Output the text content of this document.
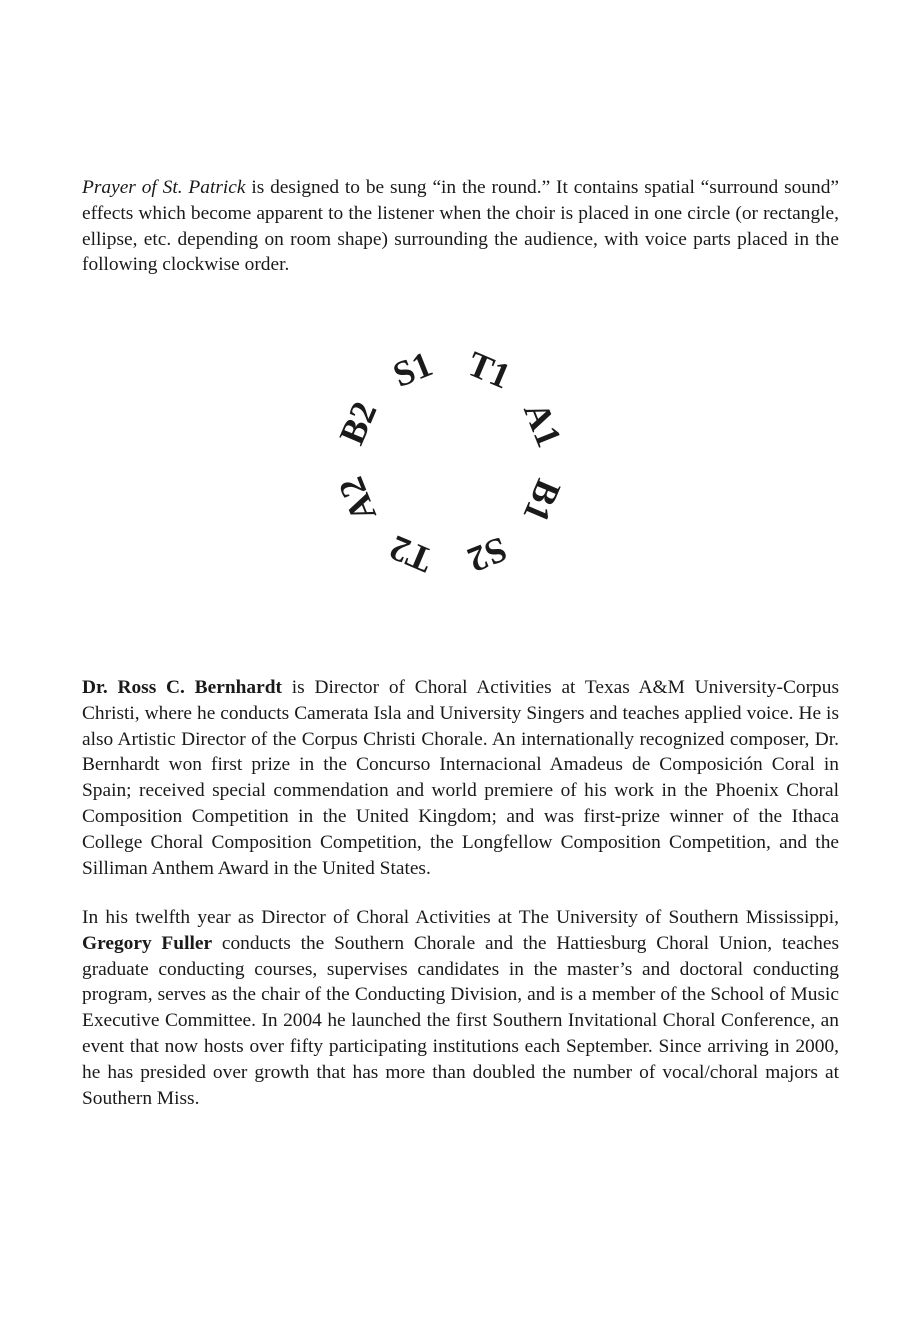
Prayer of St. Patrick is designed to be sung “in the round.” It contains spatial “surround sound” effects which become apparent to the listener when the choir is placed in one circle (or rectangle, ellipse, etc. depending on room shape) surrounding the audience, with voice parts placed in the following clockwise order.

S1 T1
A1
B1
S2
T2
A2
B2

Dr. Ross C. Bernhardt is Director of Choral Activities at Texas A&M University-Corpus Christi, where he conducts Camerata Isla and University Singers and teaches applied voice. He is also Artistic Director of the Corpus Christi Chorale. An internationally recognized composer, Dr. Bernhardt won first prize in the Concurso Internacional Amadeus de Composición Coral in Spain; received special commendation and world premiere of his work in the Phoenix Choral Composition Competition in the United Kingdom; and was first-prize winner of the Ithaca College Choral Composition Competition, the Longfellow Composition Competition, and the Silliman Anthem Award in the United States.

In his twelfth year as Director of Choral Activities at The University of Southern Mississippi, Gregory Fuller conducts the Southern Chorale and the Hattiesburg Choral Union, teaches graduate conducting courses, supervises candidates in the master’s and doctoral conducting program, serves as the chair of the Conducting Division, and is a member of the School of Music Executive Committee. In 2004 he launched the first Southern Invitational Choral Conference, an event that now hosts over fifty participating institutions each September. Since arriving in 2000, he has presided over growth that has more than doubled the number of vocal/choral majors at Southern Miss.
